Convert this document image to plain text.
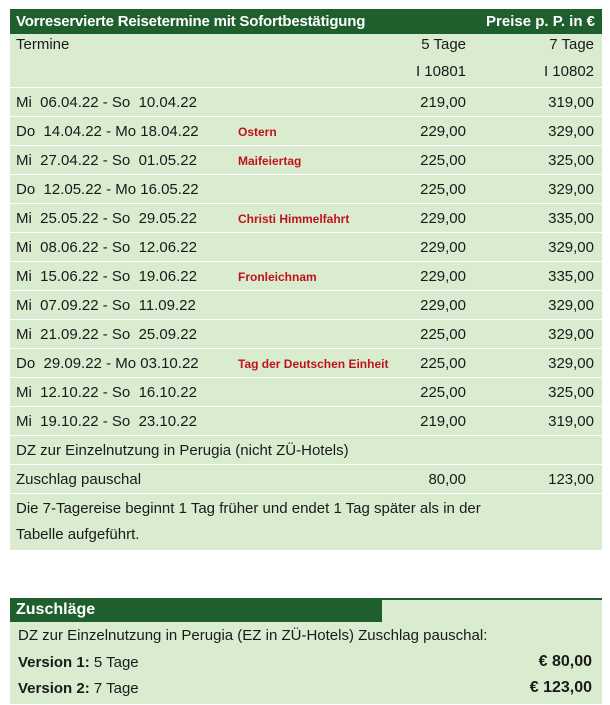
Vorreservierte Reisetermine mit Sofortbestätigung	Preise p. P. in €
Termine	5 Tage	7 Tage
I 10801	I 10802
Mi  06.04.22 - So  10.04.22	219,00	319,00
Do  14.04.22 - Mo 18.04.22	Ostern	229,00	329,00
Mi  27.04.22 - So  01.05.22	Maifeiertag	225,00	325,00
Do  12.05.22 - Mo 16.05.22	225,00	329,00
Mi  25.05.22 - So  29.05.22	Christi Himmelfahrt	229,00	335,00
Mi  08.06.22 - So  12.06.22	229,00	329,00
Mi  15.06.22 - So  19.06.22	Fronleichnam	229,00	335,00
Mi  07.09.22 - So  11.09.22	229,00	329,00
Mi  21.09.22 - So  25.09.22	225,00	329,00
Do  29.09.22 - Mo 03.10.22	Tag der Deutschen Einheit 225,00	329,00
Mi  12.10.22 - So  16.10.22	225,00	325,00
Mi  19.10.22 - So  23.10.22	219,00	319,00
DZ zur Einzelnutzung in Perugia (nicht ZÜ-Hotels)
Zuschlag pauschal	80,00	123,00
Die 7-Tagereise beginnt 1 Tag früher und endet 1 Tag später als in der
Tabelle aufgeführt.
Zuschläge
DZ zur Einzelnutzung in Perugia (EZ in ZÜ-Hotels) Zuschlag pauschal:
Version 1: 5 Tage	€ 80,00
Version 2: 7 Tage	€ 123,00
